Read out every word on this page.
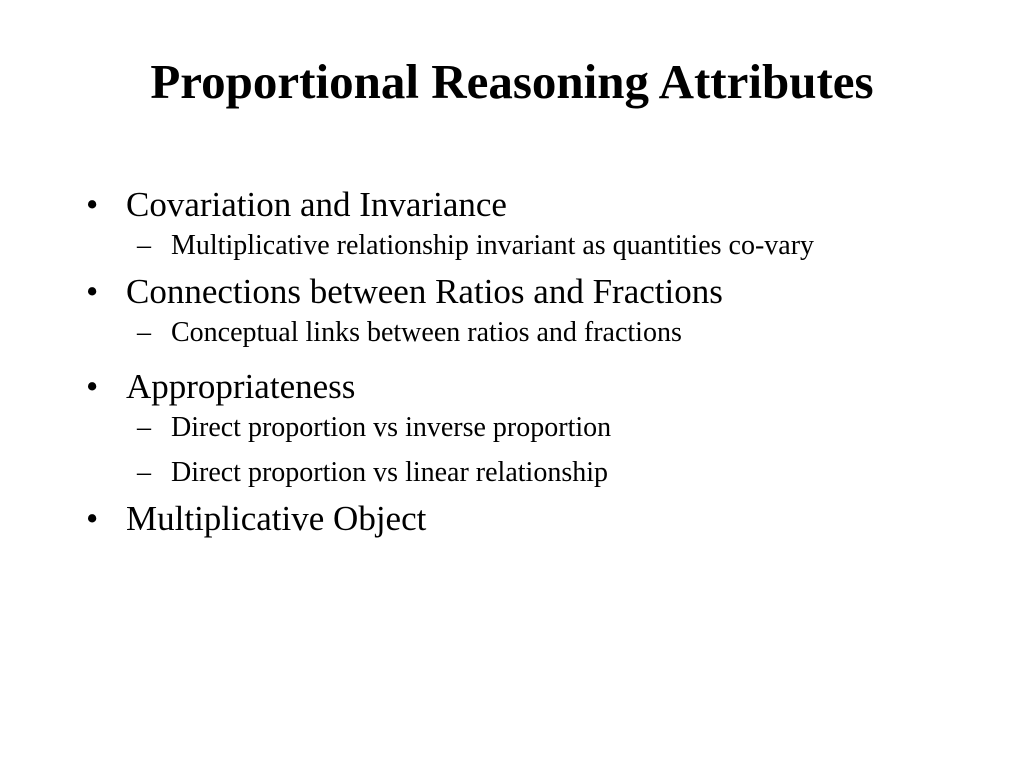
Proportional Reasoning Attributes
• Covariation and Invariance
– Multiplicative relationship invariant as quantities co-vary
• Connections between Ratios and Fractions
– Conceptual links between ratios and fractions
• Appropriateness
– Direct proportion vs inverse proportion
– Direct proportion vs linear relationship
• Multiplicative Object
